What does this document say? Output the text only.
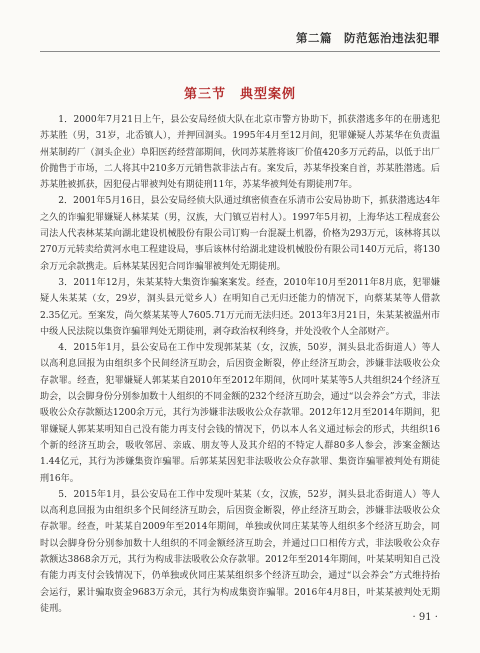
第二篇　防范惩治违法犯罪
第三节　典型案例

1．2000年7月21日上午，县公安局经侦大队在北京市警方协助下，抓获潜逃多年的在册逃犯苏某胜（男，31岁，北岙镇人），并押回洞头。1995年4月至12月间，犯罪嫌疑人苏某华在负责温州某制药厂（洞头企业）阜阳医药经营部期间，伙同苏某胜将该厂价值420多万元药品，以低于出厂价抛售于市场，二人将其中210多万元销售款非法占有。案发后，苏某华投案自首，苏某胜潜逃。后苏某胜被抓获，因犯侵占罪被判处有期徒刑11年，苏某华被判处有期徒刑7年。

2．2001年5月16日，县公安局经侦大队通过缜密侦查在乐清市公安局协助下，抓获潜逃达4年之久的诈骗犯罪嫌疑人林某某（男，汉族，大门镇豆岩村人）。1997年5月初，上海华达工程成套公司法人代表林某某向湖北建设机械股份有限公司订购一台混凝土机器，价格为293万元，该林将其以270万元转卖给黄河水电工程建设局，事后该林付给湖北建设机械股份有限公司140万元后，将130余万元余款携走。后林某某因犯合同诈骗罪被判处无期徒刑。

3．2011年12月，朱某某特大集资诈骗案案发。经查，2010年10月至2011年8月底，犯罪嫌疑人朱某某（女，29岁，洞头县元觉乡人）在明知自己无归还能力的情况下，向蔡某某等人借款2.35亿元。至案发，尚欠蔡某某等人7605.71万元而无法归还。2013年3月21日，朱某某被温州市中级人民法院以集资诈骗罪判处无期徒刑，剥夺政治权利终身，并处没收个人全部财产。

4．2015年1月，县公安局在工作中发现郭某某（女，汉族，50岁，洞头县北岙街道人）等人以高利息回报为由组织多个民间经济互助会，后因资金断裂，停止经济互助会，涉嫌非法吸收公众存款罪。经查，犯罪嫌疑人郭某某自2010年至2012年期间，伙同叶某某等5人共组织24个经济互助会，以会脚身份分别参加数十人组织的不同金额的232个经济互助会，通过“以会养会”方式，非法吸收公众存款额达1200余万元，其行为涉嫌非法吸收公众存款罪。2012年12月至2014年期间，犯罪嫌疑人郭某某明知自己没有能力再支付会钱的情况下，仍以本人名义通过标会的形式，共组织16个新的经济互助会，吸收邻居、亲戚、朋友等人及其介绍的不特定人群80多人参会，涉案金额达1.44亿元，其行为涉嫌集资诈骗罪。后郭某某因犯非法吸收公众存款罪、集资诈骗罪被判处有期徒刑16年。

5．2015年1月，县公安局在工作中发现叶某某（女，汉族，52岁，洞头县北岙街道人）等人以高利息回报为由组织多个民间经济互助会，后因资金断裂，停止经济互助会，涉嫌非法吸收公众存款罪。经查，叶某某自2009年至2014年期间，单独或伙同庄某某等人组织多个经济互助会，同时以会脚身份分别参加数十人组织的不同金额经济互助会，并通过口口相传方式，非法吸收公众存款额达3868余万元，其行为构成非法吸收公众存款罪。2012年至2014年期间，叶某某明知自己没有能力再支付会钱情况下，仍单独或伙同庄某某组织多个经济互助会，通过“以会养会”方式维持抬会运行，累计骗取资金9683万余元，其行为构成集资诈骗罪。2016年4月8日，叶某某被判处无期徒刑。

· 91 ·
